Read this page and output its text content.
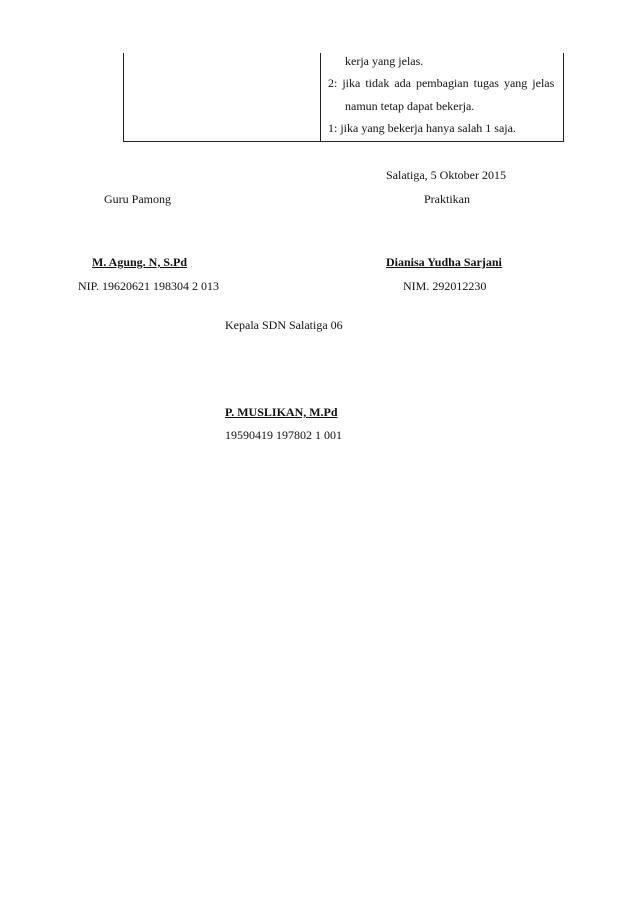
kerja yang jelas.
2: jika tidak ada pembagian tugas yang jelas
namun tetap dapat bekerja.
1: jika yang bekerja hanya salah 1 saja.
Salatiga, 5 Oktober 2015
Guru Pamong	Praktikan
M. Agung. N, S.Pd	Dianisa Yudha Sarjani
NIP. 19620621 198304 2 013	NIM. 292012230
Kepala SDN Salatiga 06
P. MUSLIKAN, M.Pd
19590419 197802 1 001
